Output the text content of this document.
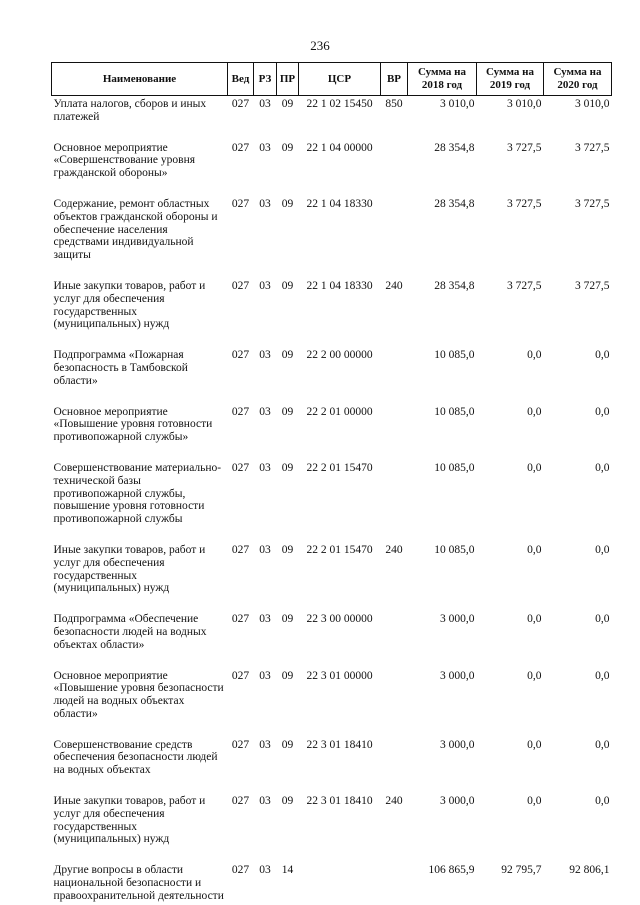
236
Наименование	Вед	РЗ	ПР	ЦСР	ВР	Сумма на 2018 год	Сумма на 2019 год	Сумма на 2020 год
Уплата налогов, сборов и иных платежей	027	03	09	22 1 02 15450	850	3 010,0	3 010,0	3 010,0

Основное мероприятие «Совершенствование уровня гражданской обороны»	027	03	09	22 1 04 00000		28 354,8	3 727,5	3 727,5

Содержание, ремонт областных объектов гражданской обороны и обеспечение населения средствами индивидуальной защиты	027	03	09	22 1 04 18330		28 354,8	3 727,5	3 727,5

Иные закупки товаров, работ и услуг для обеспечения государственных (муниципальных) нужд	027	03	09	22 1 04 18330	240	28 354,8	3 727,5	3 727,5

Подпрограмма «Пожарная безопасность в Тамбовской области»	027	03	09	22 2 00 00000		10 085,0	0,0	0,0

Основное мероприятие «Повышение уровня готовности противопожарной службы»	027	03	09	22 2 01 00000		10 085,0	0,0	0,0

Совершенствование материально-технической базы противопожарной службы, повышение уровня готовности противопожарной службы	027	03	09	22 2 01 15470		10 085,0	0,0	0,0

Иные закупки товаров, работ и услуг для обеспечения государственных (муниципальных) нужд	027	03	09	22 2 01 15470	240	10 085,0	0,0	0,0

Подпрограмма «Обеспечение безопасности людей на водных объектах области»	027	03	09	22 3 00 00000		3 000,0	0,0	0,0

Основное мероприятие «Повышение уровня безопасности людей на водных объектах области»	027	03	09	22 3 01 00000		3 000,0	0,0	0,0

Совершенствование средств обеспечения безопасности людей на водных объектах	027	03	09	22 3 01 18410		3 000,0	0,0	0,0

Иные закупки товаров, работ и услуг для обеспечения государственных (муниципальных) нужд	027	03	09	22 3 01 18410	240	3 000,0	0,0	0,0

Другие вопросы в области национальной безопасности и правоохранительной деятельности	027	03	14			106 865,9	92 795,7	92 806,1
